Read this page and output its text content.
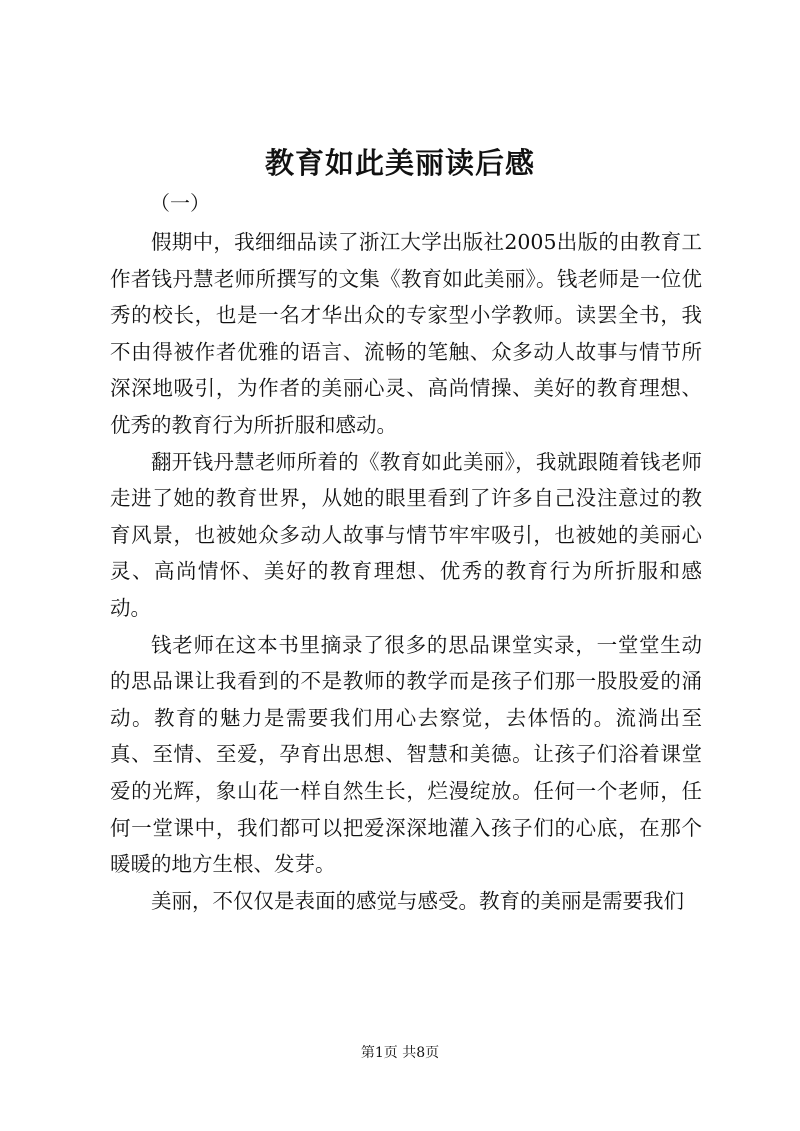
教育如此美丽读后感
（一）

假期中，我细细品读了浙江大学出版社2005出版的由教育工作者钱丹慧老师所撰写的文集《教育如此美丽》。钱老师是一位优秀的校长，也是一名才华出众的专家型小学教师。读罢全书，我不由得被作者优雅的语言、流畅的笔触、众多动人故事与情节所深深地吸引，为作者的美丽心灵、高尚情操、美好的教育理想、优秀的教育行为所折服和感动。

翻开钱丹慧老师所着的《教育如此美丽》，我就跟随着钱老师走进了她的教育世界，从她的眼里看到了许多自己没注意过的教育风景，也被她众多动人故事与情节牢牢吸引，也被她的美丽心灵、高尚情怀、美好的教育理想、优秀的教育行为所折服和感动。

钱老师在这本书里摘录了很多的思品课堂实录，一堂堂生动的思品课让我看到的不是教师的教学而是孩子们那一股股爱的涌动。教育的魅力是需要我们用心去察觉，去体悟的。流淌出至真、至情、至爱，孕育出思想、智慧和美德。让孩子们浴着课堂爱的光辉，象山花一样自然生长，烂漫绽放。任何一个老师，任何一堂课中，我们都可以把爱深深地灌入孩子们的心底，在那个暖暖的地方生根、发芽。

美丽，不仅仅是表面的感觉与感受。教育的美丽是需要我们

第1页 共8页
